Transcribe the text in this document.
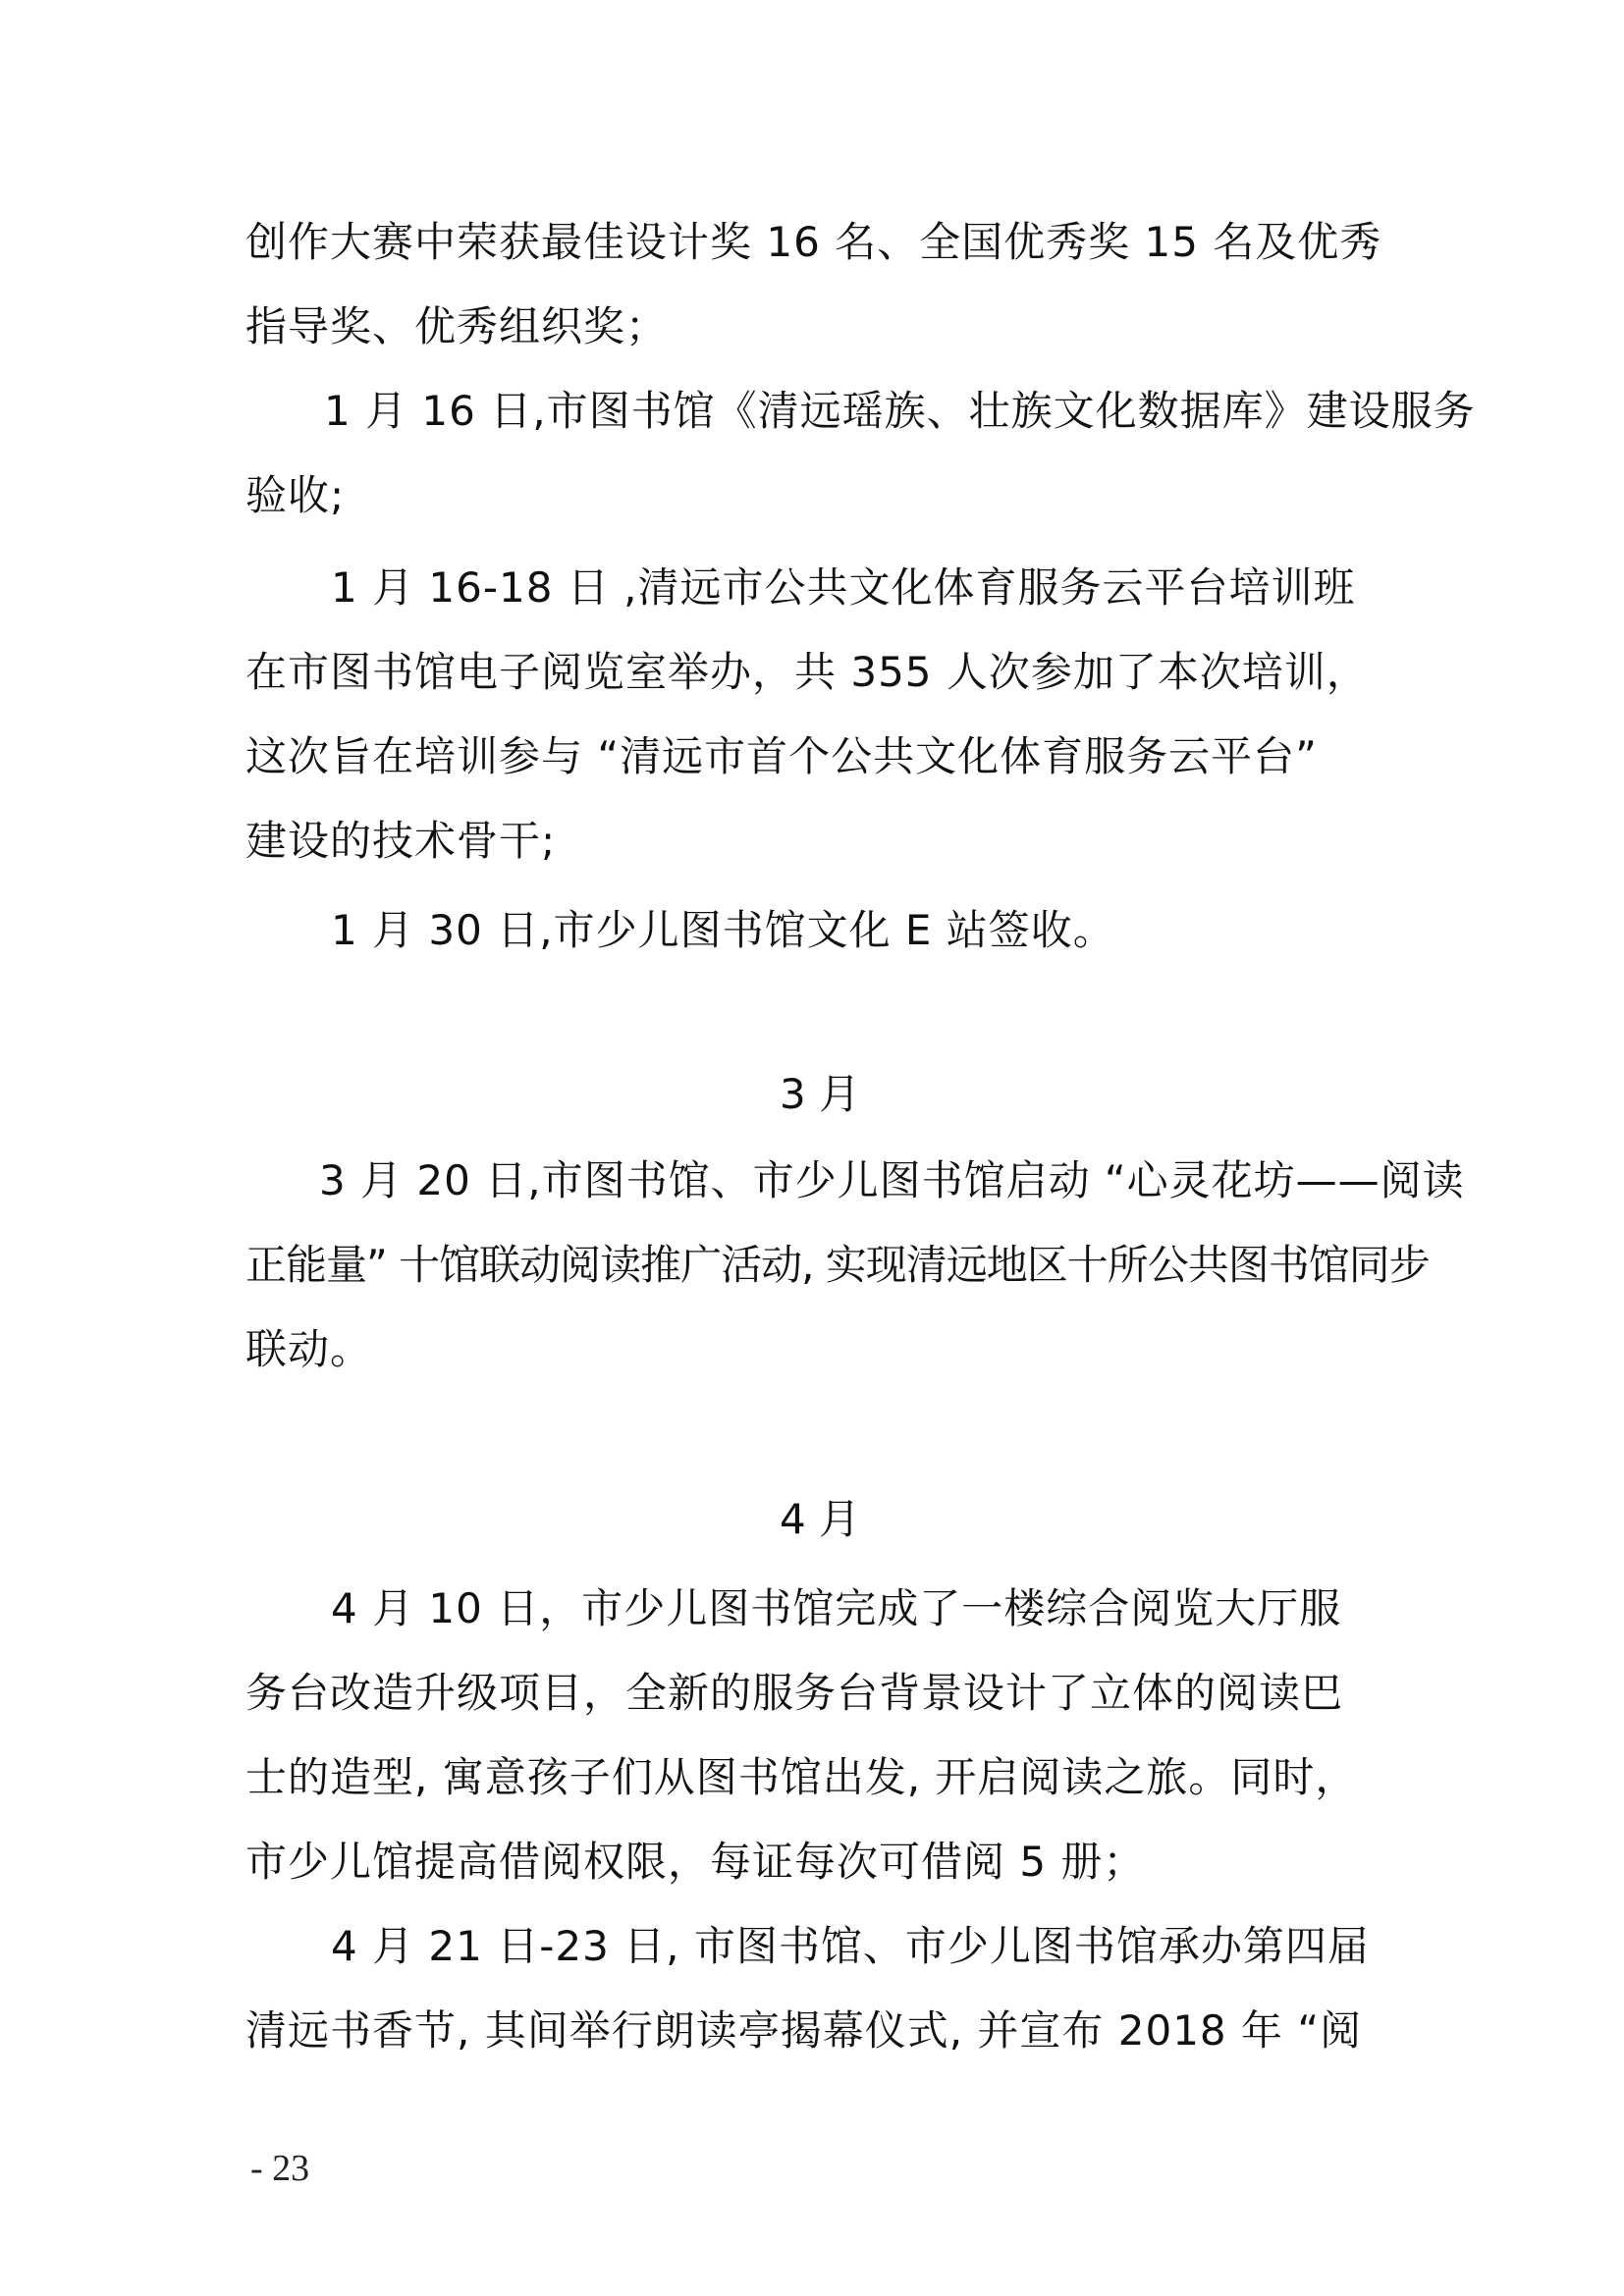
创作大赛中荣获最佳设计奖 16 名、全国优秀奖 15 名及优秀
指导奖、优秀组织奖；
1 月 16 日,市图书馆《清远瑶族、壮族文化数据库》建设服务
验收;
1 月 16-18 日 ,清远市公共文化体育服务云平台培训班
在市图书馆电子阅览室举办，共 355 人次参加了本次培训，
这次旨在培训参与 “清远市首个公共文化体育服务云平台”
建设的技术骨干;
1 月 30 日,市少儿图书馆文化 E 站签收。
3 月
3 月 20 日,市图书馆、市少儿图书馆启动 “心灵花坊——阅读
正能量” 十馆联动阅读推广活动, 实现清远地区十所公共图书馆同步
联动。
4 月
4 月 10 日，市少儿图书馆完成了一楼综合阅览大厅服
务台改造升级项目，全新的服务台背景设计了立体的阅读巴
士的造型, 寓意孩子们从图书馆出发, 开启阅读之旅。同时，
市少儿馆提高借阅权限，每证每次可借阅 5 册；
4 月 21 日-23 日, 市图书馆、市少儿图书馆承办第四届
清远书香节, 其间举行朗读亭揭幕仪式, 并宣布 2018 年 “阅
- 23
